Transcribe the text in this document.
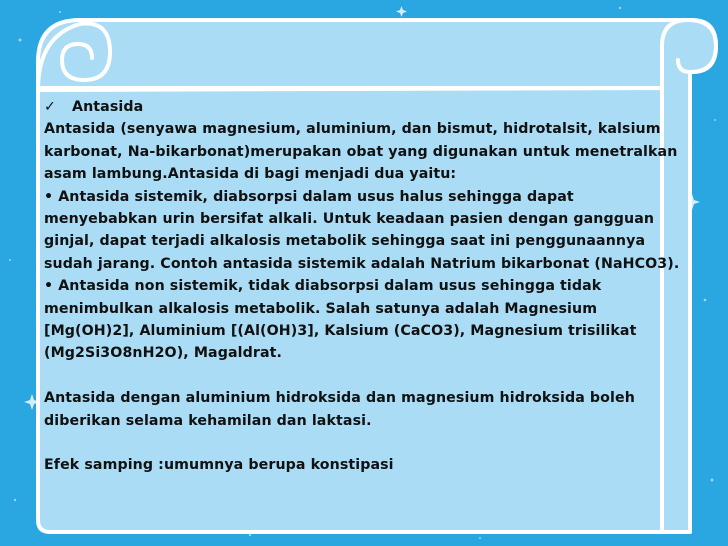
✓ Antasida

Antasida (senyawa magnesium, aluminium, dan bismut, hidrotalsit, kalsium karbonat, Na-bikarbonat)merupakan obat yang digunakan untuk menetralkan asam lambung.Antasida di bagi menjadi dua yaitu:

• Antasida sistemik, diabsorpsi dalam usus halus sehingga dapat menyebabkan urin bersifat alkali. Untuk keadaan pasien dengan gangguan ginjal, dapat terjadi alkalosis metabolik sehingga saat ini penggunaannya sudah jarang. Contoh antasida sistemik adalah Natrium bikarbonat (NaHCO3).

• Antasida non sistemik, tidak diabsorpsi dalam usus sehingga tidak menimbulkan alkalosis metabolik. Salah satunya adalah Magnesium [Mg(OH)2], Aluminium [(Al(OH)3], Kalsium (CaCO3), Magnesium trisilikat (Mg2Si3O8nH2O), Magaldrat.

Antasida dengan aluminium hidroksida dan magnesium hidroksida boleh diberikan selama kehamilan dan laktasi.

Efek samping :umumnya berupa konstipasi
